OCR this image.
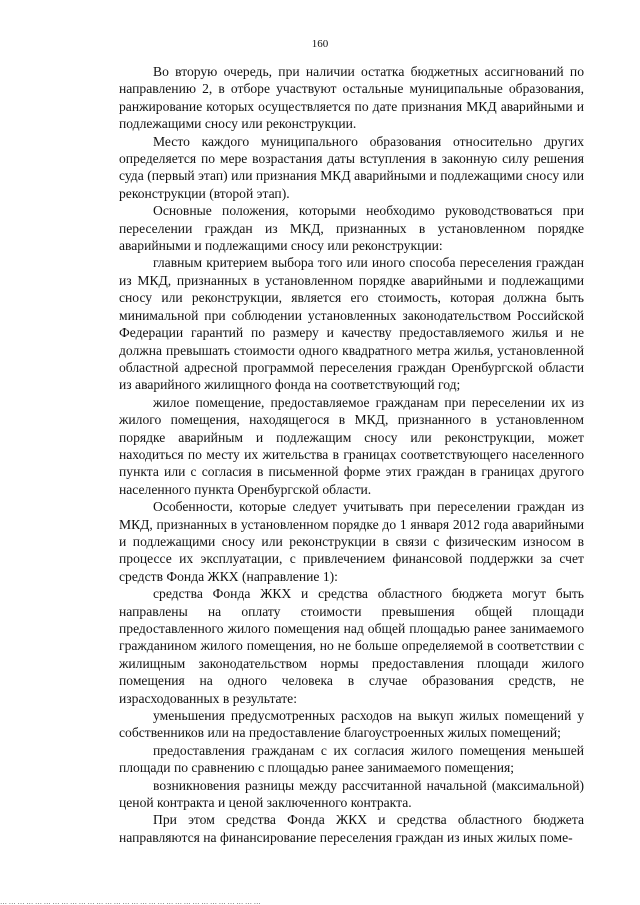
160

Во вторую очередь, при наличии остатка бюджетных ассигнований по направлению 2, в отборе участвуют остальные муниципальные образования, ранжирование которых осуществляется по дате признания МКД аварийными и подлежащими сносу или реконструкции.

Место каждого муниципального образования относительно других определяется по мере возрастания даты вступления в законную силу решения суда (первый этап) или признания МКД аварийными и подлежащими сносу или реконструкции (второй этап).

Основные положения, которыми необходимо руководствоваться при переселении граждан из МКД, признанных в установленном порядке аварийными и подлежащими сносу или реконструкции:

главным критерием выбора того или иного способа переселения граждан из МКД, признанных в установленном порядке аварийными и подлежащими сносу или реконструкции, является его стоимость, которая должна быть минимальной при соблюдении установленных законодательством Российской Федерации гарантий по размеру и качеству предоставляемого жилья и не должна превышать стоимости одного квадратного метра жилья, установленной областной адресной программой переселения граждан Оренбургской области из аварийного жилищного фонда на соответствующий год;

жилое помещение, предоставляемое гражданам при переселении их из жилого помещения, находящегося в МКД, признанного в установленном порядке аварийным и подлежащим сносу или реконструкции, может находиться по месту их жительства в границах соответствующего населенного пункта или с согласия в письменной форме этих граждан в границах другого населенного пункта Оренбургской области.

Особенности, которые следует учитывать при переселении граждан из МКД, признанных в установленном порядке до 1 января 2012 года аварийными и подлежащими сносу или реконструкции в связи с физическим износом в процессе их эксплуатации, с привлечением финансовой поддержки за счет средств Фонда ЖКХ (направление 1):

средства Фонда ЖКХ и средства областного бюджета могут быть направлены на оплату стоимости превышения общей площади предоставленного жилого помещения над общей площадью ранее занимаемого гражданином жилого помещения, но не больше определяемой в соответствии с жилищным законодательством нормы предоставления площади жилого помещения на одного человека в случае образования средств, не израсходованных в результате:

уменьшения предусмотренных расходов на выкуп жилых помещений у собственников или на предоставление благоустроенных жилых помещений;

предоставления гражданам с их согласия жилого помещения меньшей площади по сравнению с площадью ранее занимаемого помещения;

возникновения разницы между рассчитанной начальной (максимальной) ценой контракта и ценой заключенного контракта.

При этом средства Фонда ЖКХ и средства областного бюджета направляются на финансирование переселения граждан из иных жилых поме-

… … … … … … … … … … … … … … … … … … … … … … … … … … … … … …
